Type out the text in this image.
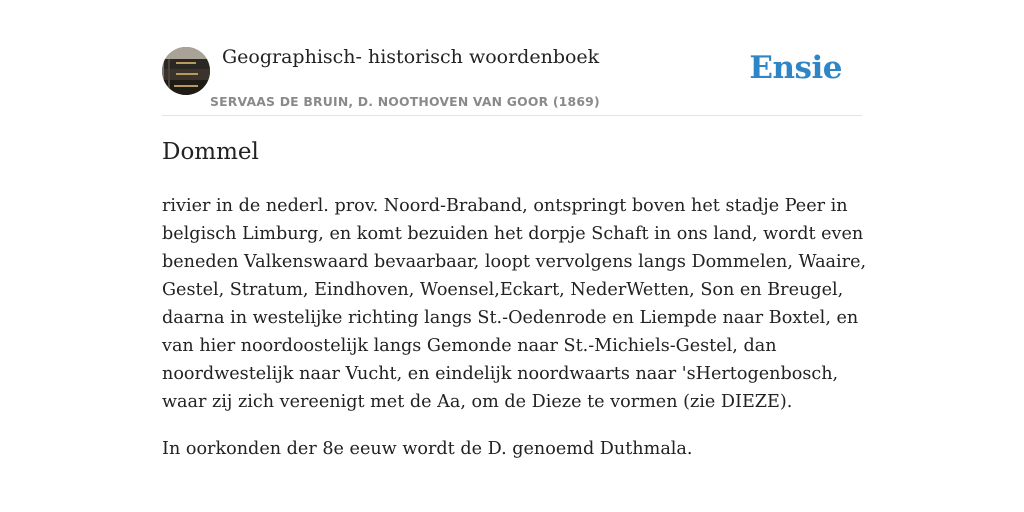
Geographisch- historisch woordenboek
SERVAAS DE BRUIN, D. NOOTHOVEN VAN GOOR (1869)
Ensie
Dommel

rivier in de nederl. prov. Noord-Braband, ontspringt boven het stadje Peer in belgisch Limburg, en komt bezuiden het dorpje Schaft in ons land, wordt even beneden Valkenswaard bevaarbaar, loopt vervolgens langs Dommelen, Waaire, Gestel, Stratum, Eindhoven, Woensel,Eckart, NederWetten, Son en Breugel, daarna in westelijke richting langs St.-Oedenrode en Liempde naar Boxtel, en van hier noordoostelijk langs Gemonde naar St.-Michiels-Gestel, dan noordwestelijk naar Vucht, en eindelijk noordwaarts naar 'sHertogenbosch, waar zij zich vereenigt met de Aa, om de Dieze te vormen (zie DIEZE).

In oorkonden der 8e eeuw wordt de D. genoemd Duthmala.
